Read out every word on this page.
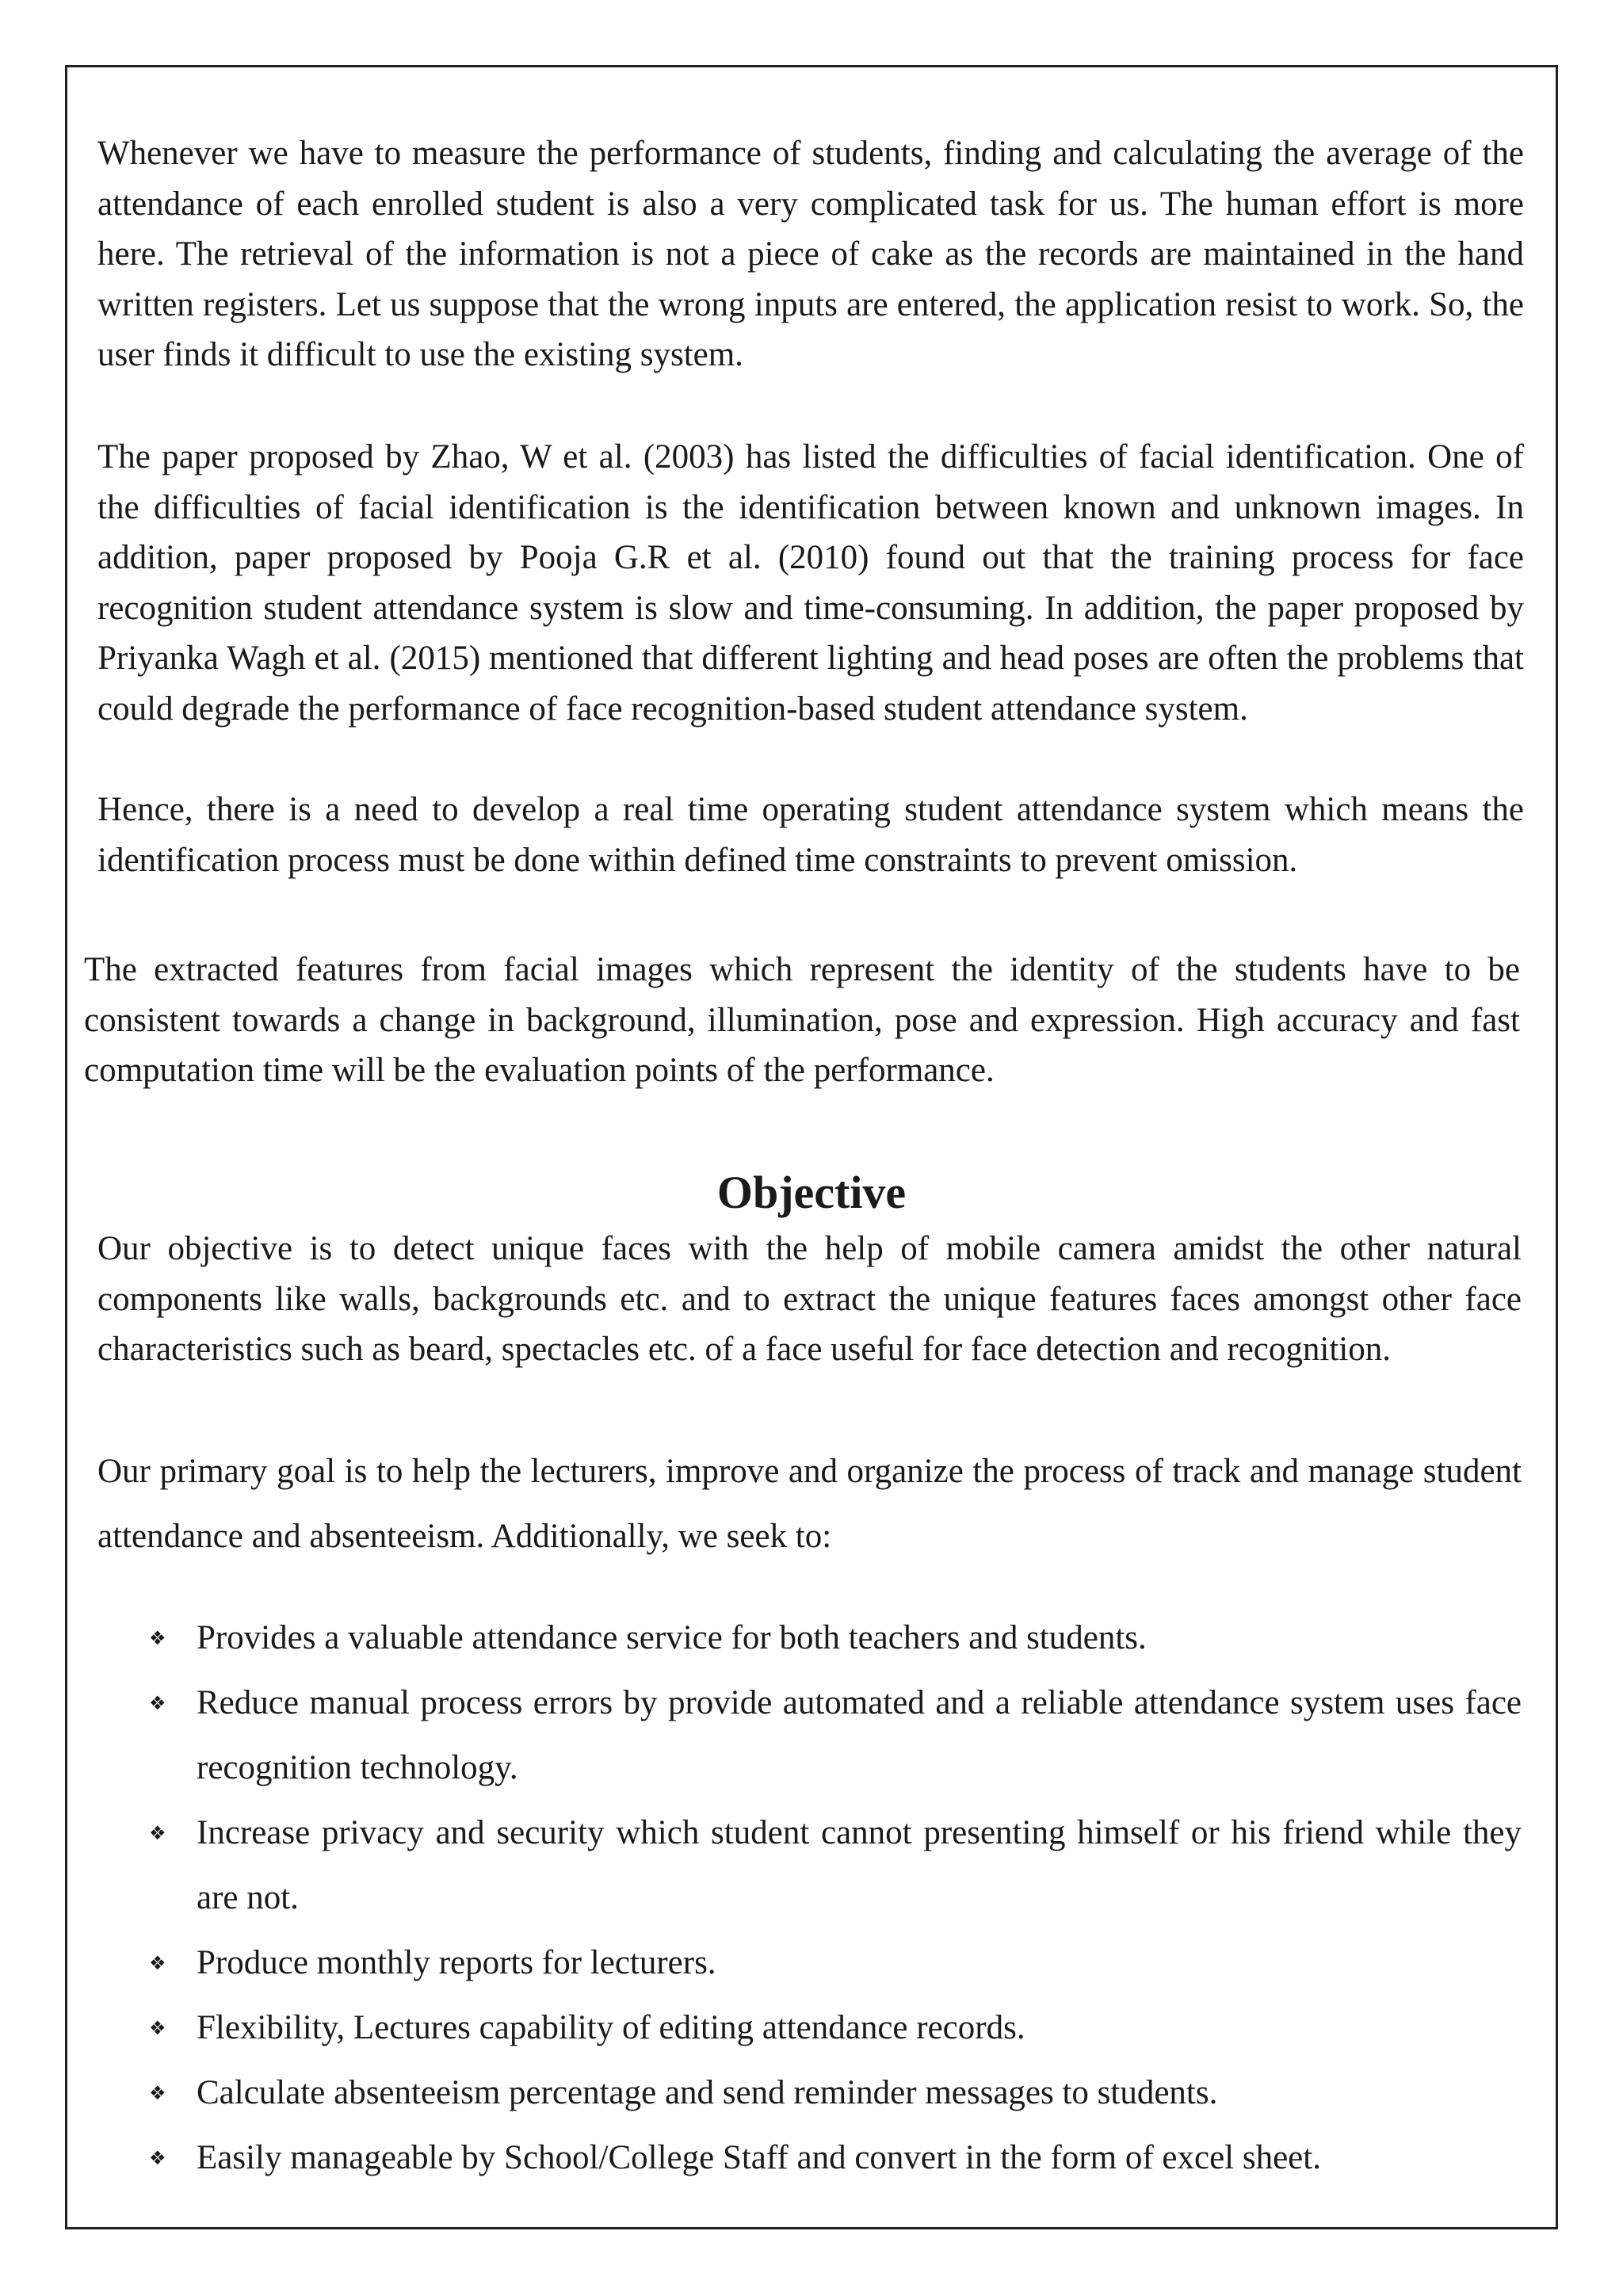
Whenever we have to measure the performance of students, finding and calculating the average of the attendance of each enrolled student is also a very complicated task for us. The human effort is more here. The retrieval of the information is not a piece of cake as the records are maintained in the hand written registers. Let us suppose that the wrong inputs are entered, the application resist to work. So, the user finds it difficult to use the existing system.

The paper proposed by Zhao, W et al. (2003) has listed the difficulties of facial identification. One of the difficulties of facial identification is the identification between known and unknown images. In addition, paper proposed by Pooja G.R et al. (2010) found out that the training process for face recognition student attendance system is slow and time-consuming. In addition, the paper proposed by Priyanka Wagh et al. (2015) mentioned that different lighting and head poses are often the problems that could degrade the performance of face recognition-based student attendance system.

Hence, there is a need to develop a real time operating student attendance system which means the identification process must be done within defined time constraints to prevent omission.

The extracted features from facial images which represent the identity of the students have to be consistent towards a change in background, illumination, pose and expression. High accuracy and fast computation time will be the evaluation points of the performance.

Objective

Our objective is to detect unique faces with the help of mobile camera amidst the other natural components like walls, backgrounds etc. and to extract the unique features faces amongst other face characteristics such as beard, spectacles etc. of a face useful for face detection and recognition.

Our primary goal is to help the lecturers, improve and organize the process of track and manage student attendance and absenteeism. Additionally, we seek to:

❖ Provides a valuable attendance service for both teachers and students.
❖ Reduce manual process errors by provide automated and a reliable attendance system uses face recognition technology.
❖ Increase privacy and security which student cannot presenting himself or his friend while they are not.
❖ Produce monthly reports for lecturers.
❖ Flexibility, Lectures capability of editing attendance records.
❖ Calculate absenteeism percentage and send reminder messages to students.
❖ Easily manageable by School/College Staff and convert in the form of excel sheet.
